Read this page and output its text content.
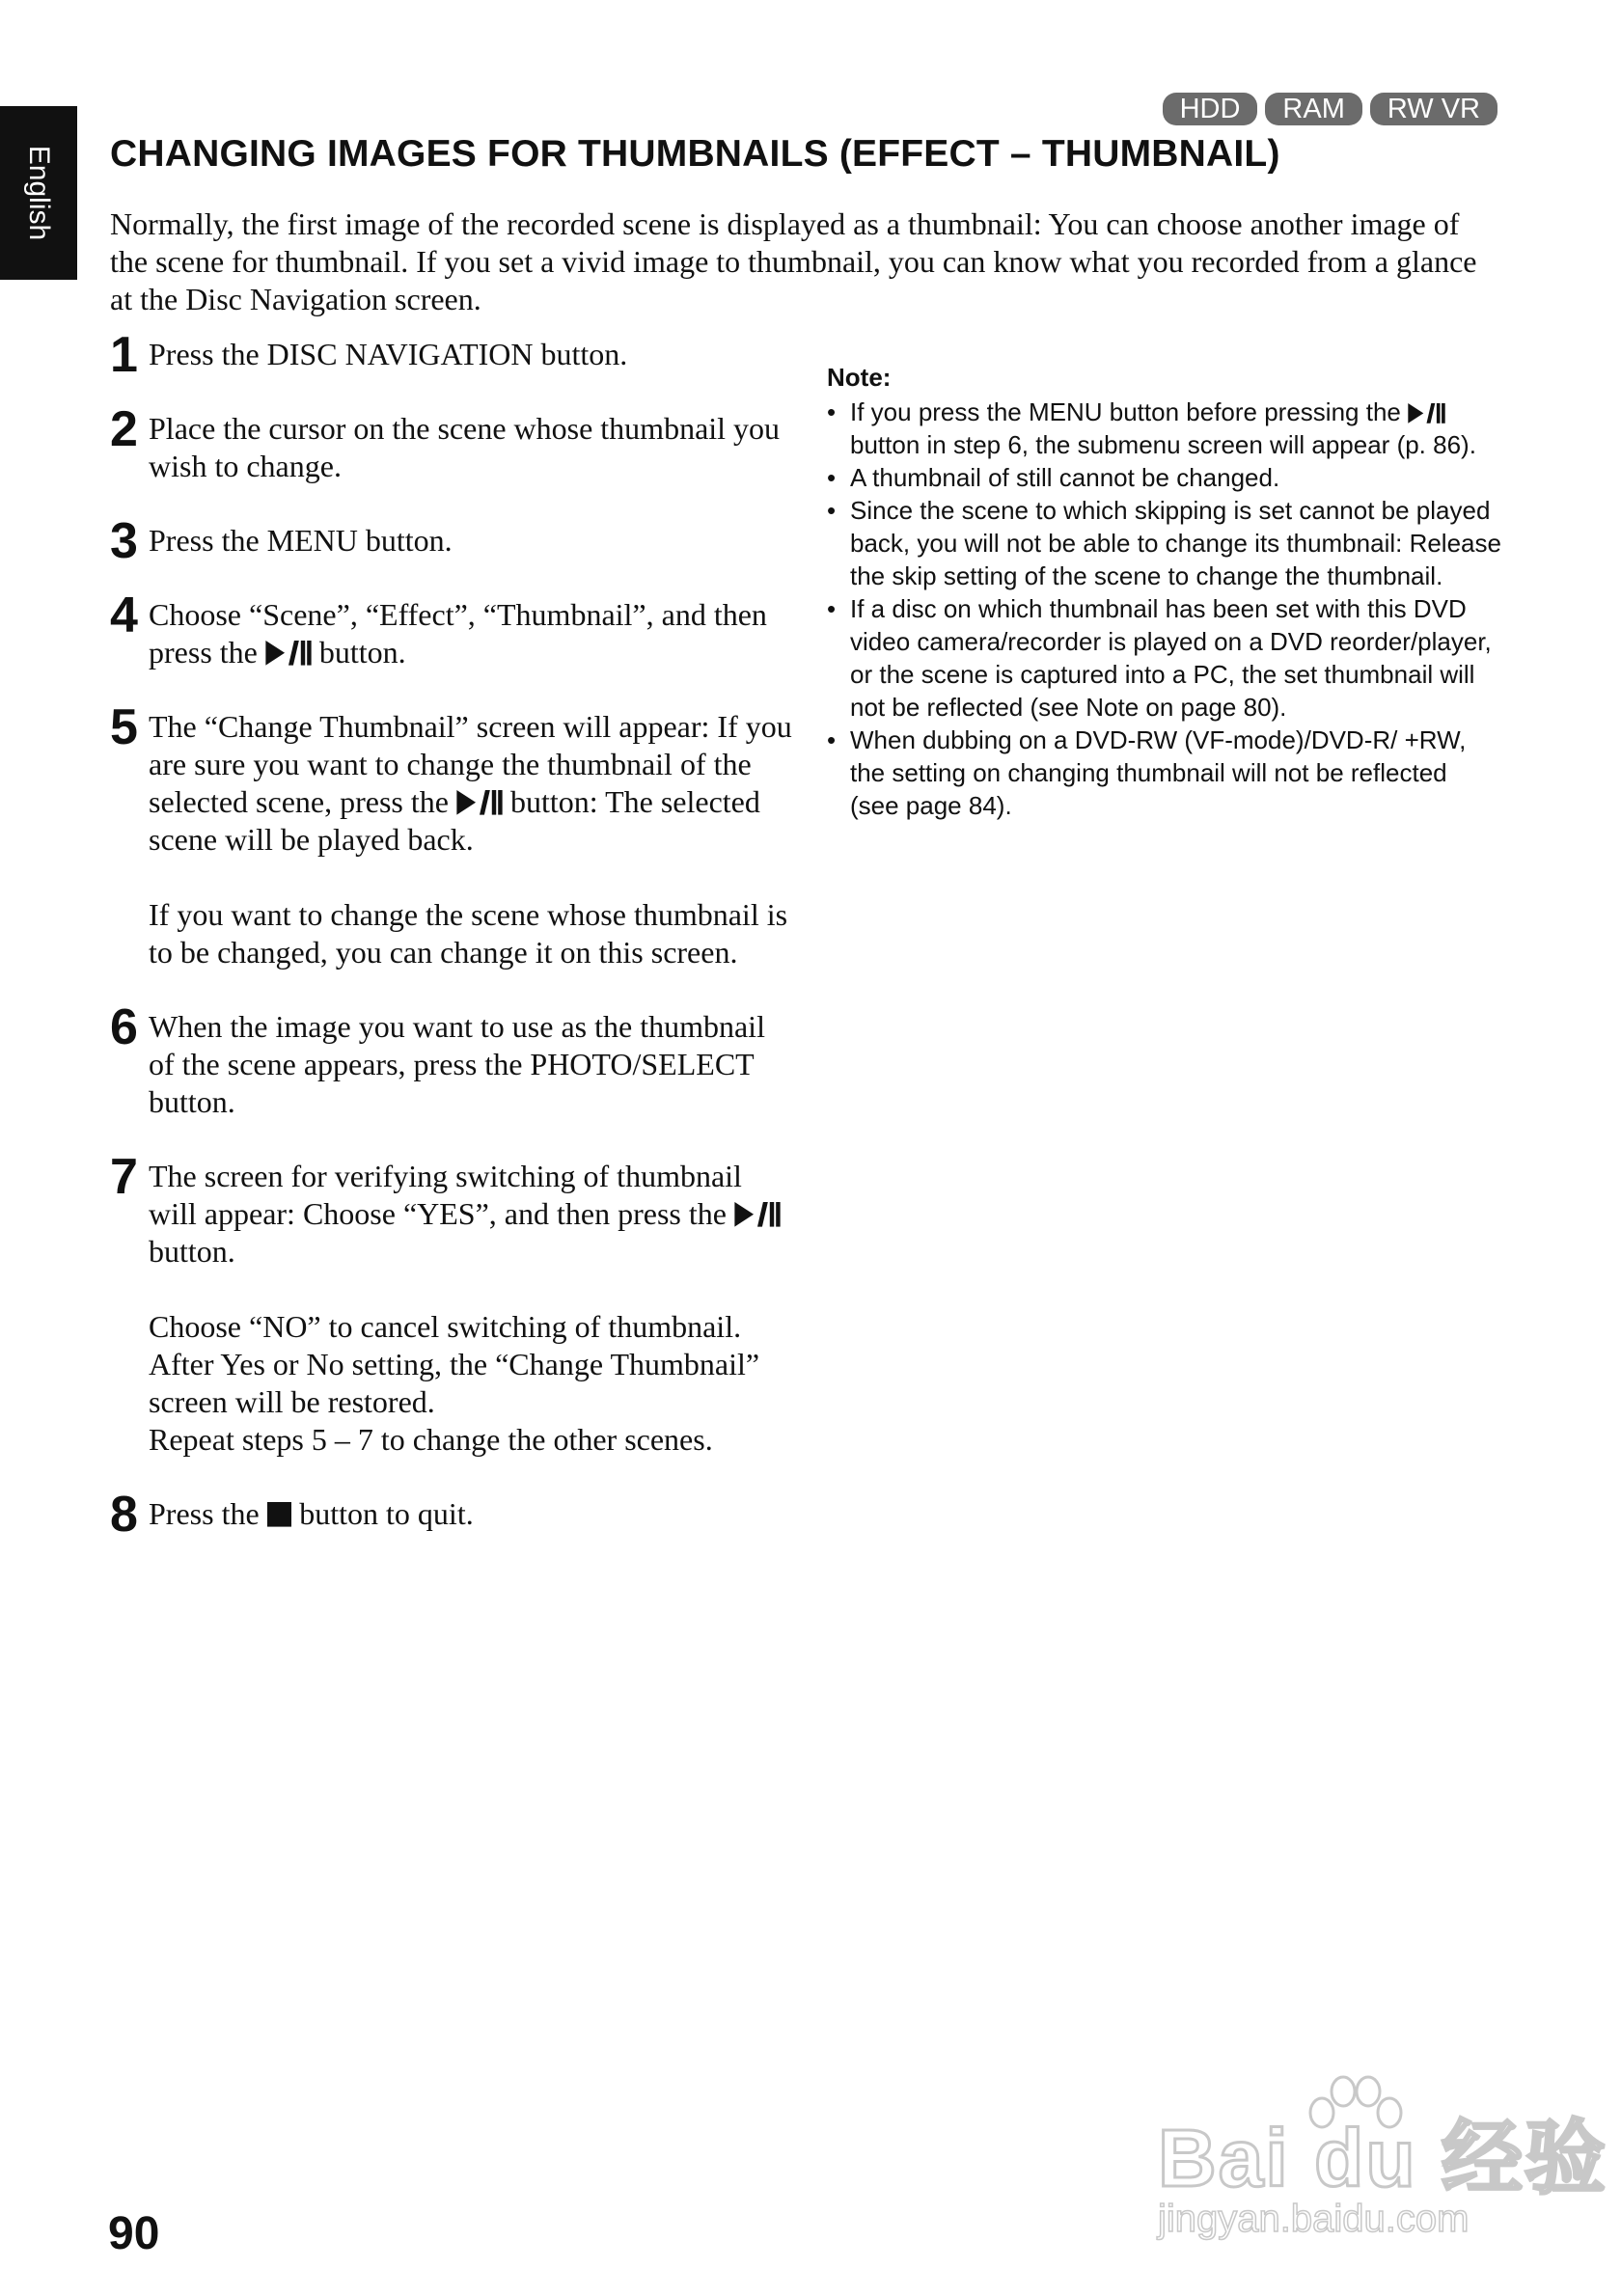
English
HDD	RAM	RW VR
CHANGING IMAGES FOR THUMBNAILS (EFFECT – THUMBNAIL)

Normally, the first image of the recorded scene is displayed as a thumbnail: You can choose another image of the scene for thumbnail. If you set a vivid image to thumbnail, you can know what you recorded from a glance at the Disc Navigation screen.

1 Press the DISC NAVIGATION button.

2 Place the cursor on the scene whose thumbnail you wish to change.

3 Press the MENU button.

4 Choose “Scene”, “Effect”, “Thumbnail”, and then press the  button.

5 The “Change Thumbnail” screen will appear: If you are sure you want to change the thumbnail of the selected scene, press the  button: The selected scene will be played back.

If you want to change the scene whose thumbnail is to be changed, you can change it on this screen.

6 When the image you want to use as the thumbnail of the scene appears, press the PHOTO/SELECT button.

7 The screen for verifying switching of thumbnail will appear: Choose “YES”, and then press the  button.

Choose “NO” to cancel switching of thumbnail.
After Yes or No setting, the “Change Thumbnail” screen will be restored.
Repeat steps 5 – 7 to change the other scenes.

8 Press the  button to quit.

Note:

• If you press the MENU button before pressing the  button in step 6, the submenu screen will appear (p. 86).
• A thumbnail of still cannot be changed.
• Since the scene to which skipping is set cannot be played back, you will not be able to change its thumbnail: Release the skip setting of the scene to change the thumbnail.
• If a disc on which thumbnail has been set with this DVD video camera/recorder is played on a DVD reorder/player, or the scene is captured into a PC, the set thumbnail will not be reflected (see Note on page 80).
• When dubbing on a DVD-RW (VF-mode)/DVD-R/ +RW, the setting on changing thumbnail will not be reflected (see page 84).
90
Bai du 经验
jingyan.baidu.com
